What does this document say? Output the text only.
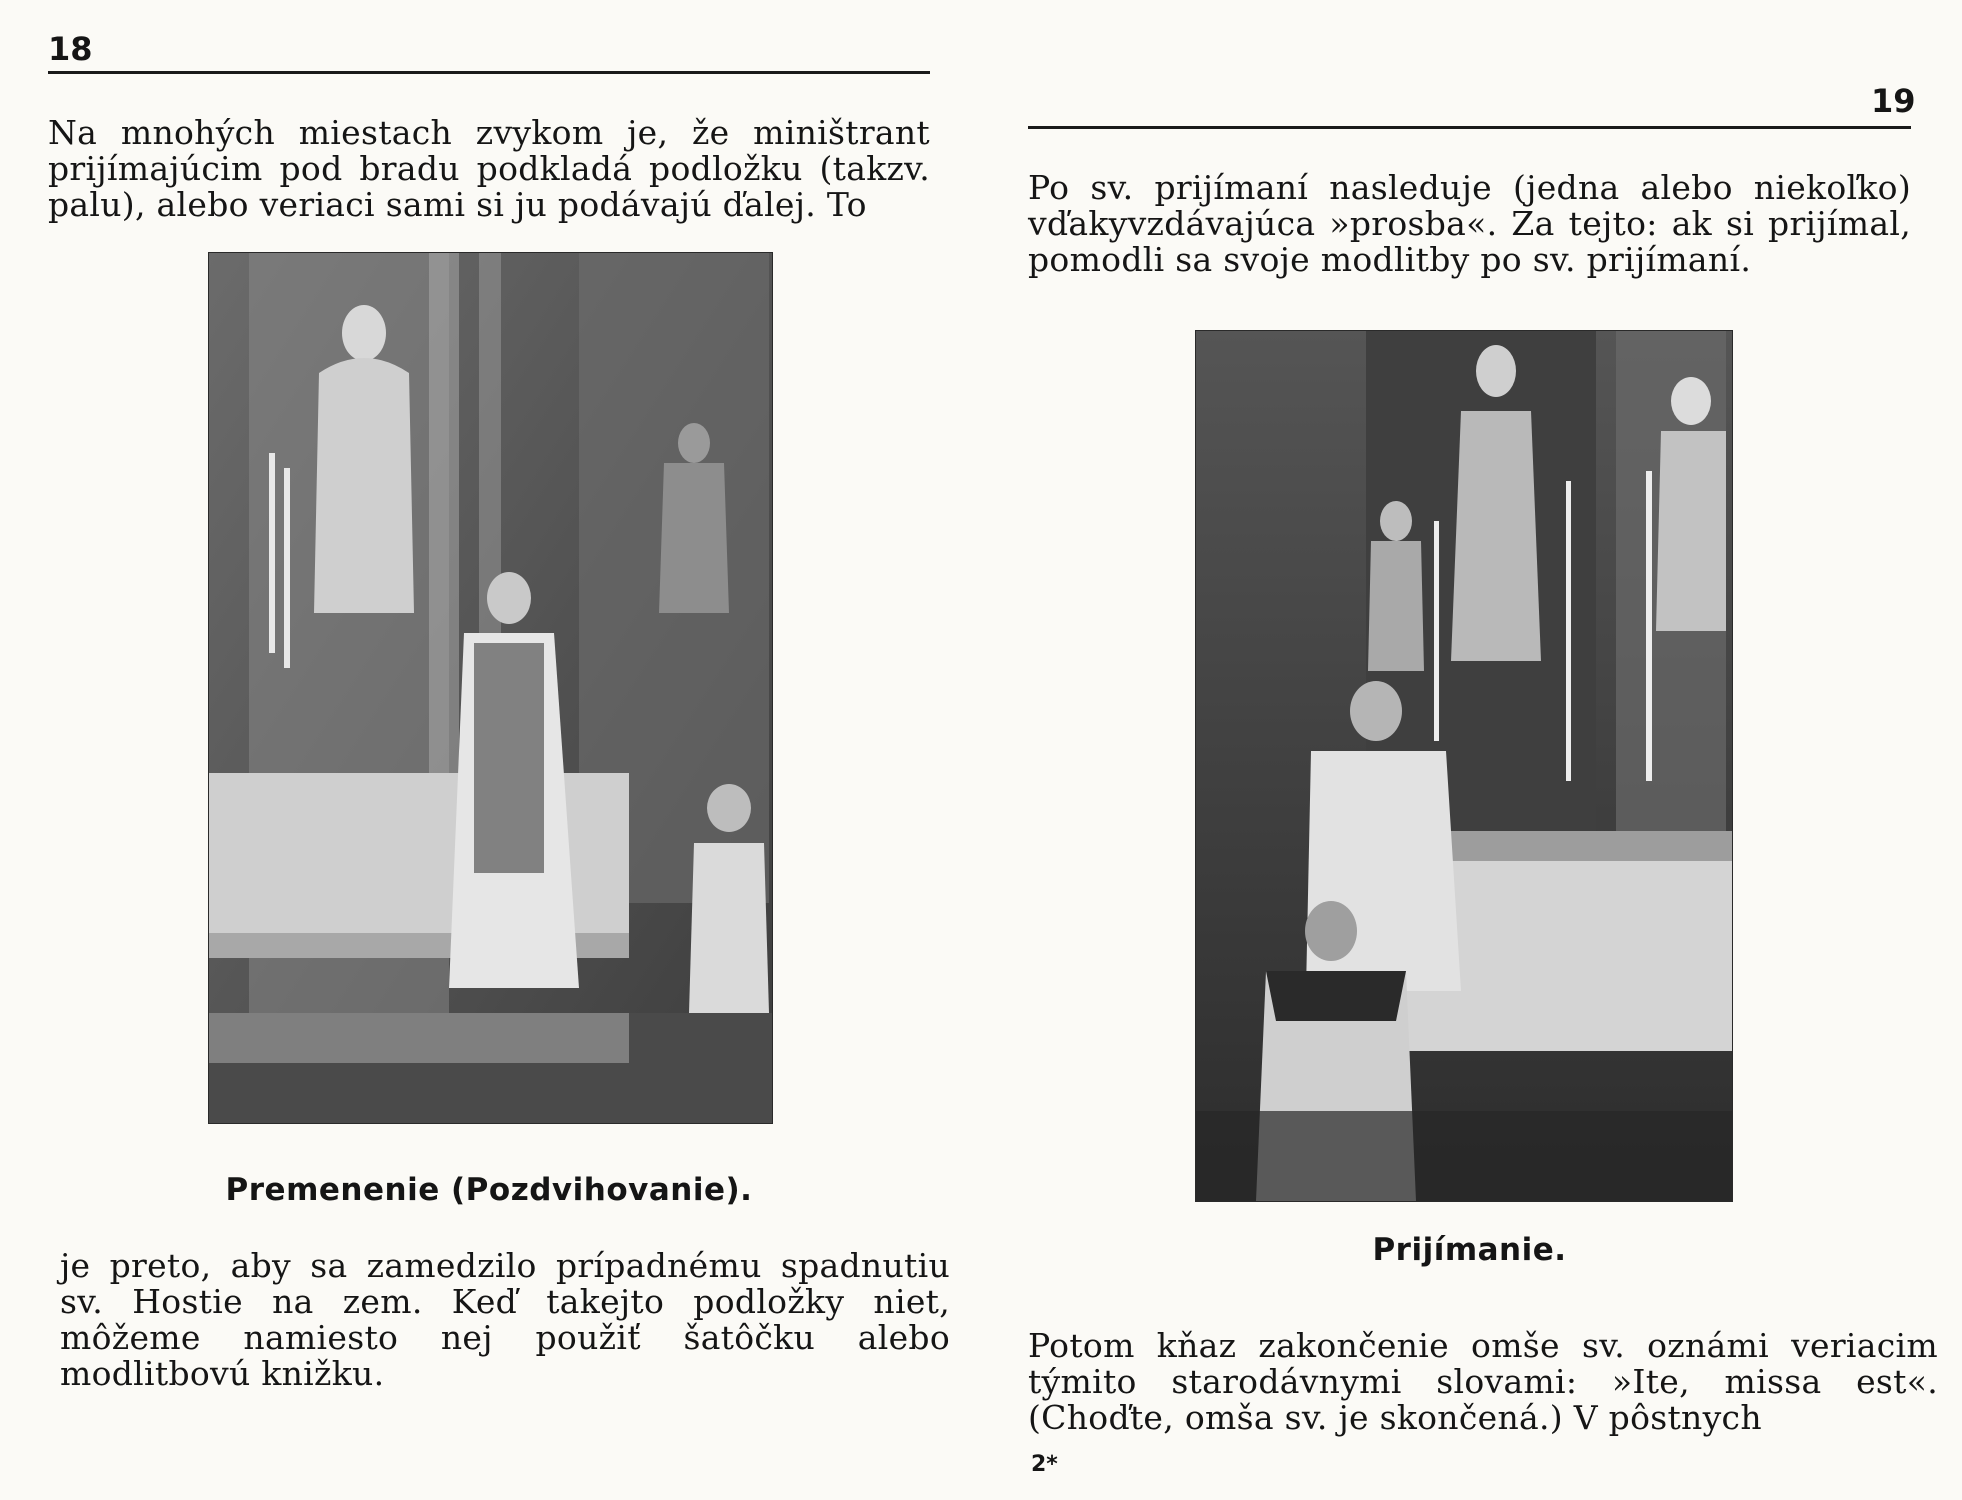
18

Na mnohých miestach zvykom je, že miništrant prijímajúcim pod bradu podkladá podložku (takzv. palu), alebo veriaci sami si ju podávajú ďalej. To

Premenenie (Pozdvihovanie).

je preto, aby sa zamedzilo prípadnému spadnutiu sv. Hostie na zem. Keď takejto podložky niet, môžeme namiesto nej použiť šatôčku alebo modlitbovú knižku.

19

Po sv. prijímaní nasleduje (jedna alebo niekoľko) vďakyvzdávajúca »prosba«. Za tejto: ak si prijímal, pomodli sa svoje modlitby po sv. prijímaní.

Prijímanie.

Potom kňaz zakončenie omše sv. oznámi veriacim týmito starodávnymi slovami: »Ite, missa est«. (Choďte, omša sv. je skončená.) V pôstnych

2*
